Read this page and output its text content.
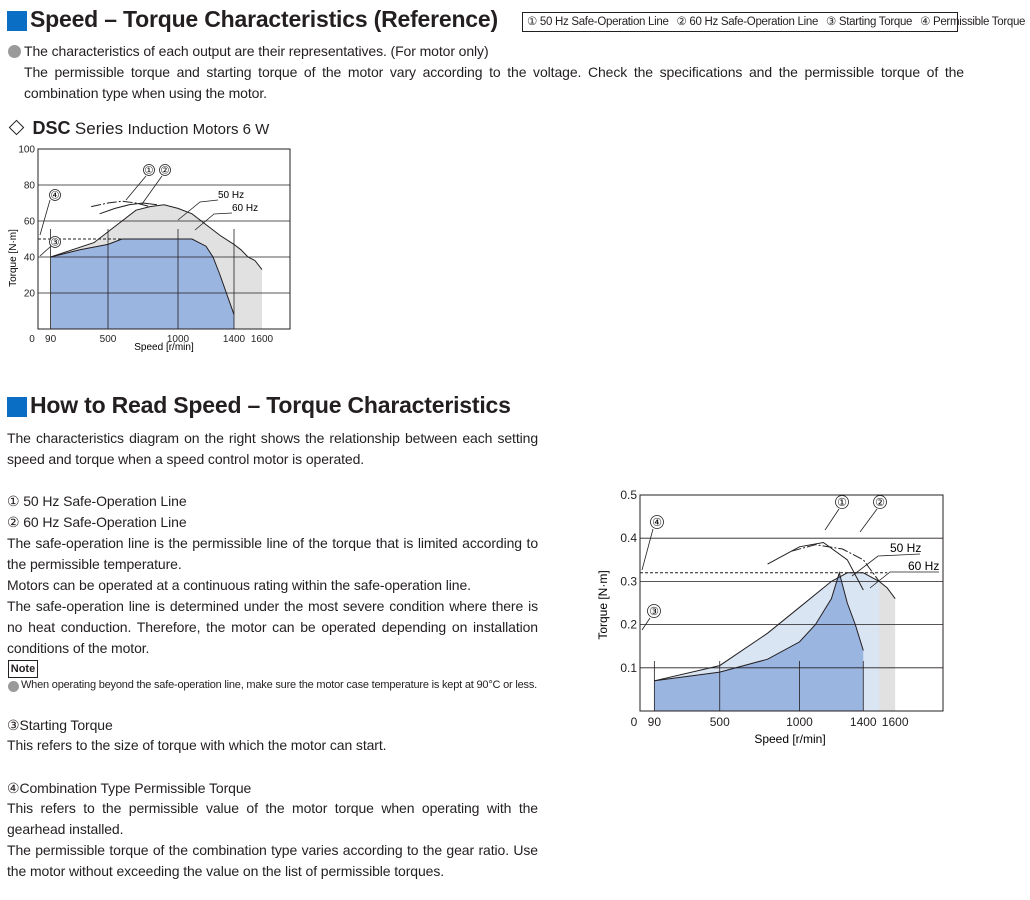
Speed – Torque Characteristics (Reference)	① 50 Hz Safe-Operation Line ② 60 Hz Safe-Operation Line ③ Starting Torque ④ Permissible Torque
The characteristics of each output are their representatives. (For motor only)
The permissible torque and starting torque of the motor vary according to the voltage. Check the specifications and the permissible torque of the combination type when using the motor.
DSC Series Induction Motors 6 W
20
40
60
80
100
0 90	500	1000	1400 1600
Torque [N·m]
Speed [r/min]
① ②
④
③
50 Hz
60 Hz
How to Read Speed – Torque Characteristics
The characteristics diagram on the right shows the relationship between each setting speed and torque when a speed control motor is operated.
① 50 Hz Safe-Operation Line
② 60 Hz Safe-Operation Line
The safe-operation line is the permissible line of the torque that is limited according to the permissible temperature.
Motors can be operated at a continuous rating within the safe-operation line.
The safe-operation line is determined under the most severe condition where there is no heat conduction. Therefore, the motor can be operated depending on installation conditions of the motor.
Note
When operating beyond the safe-operation line, make sure the motor case temperature is kept at 90°C or less.
③Starting Torque
This refers to the size of torque with which the motor can start.
④Combination Type Permissible Torque
This refers to the permissible value of the motor torque when operating with the gearhead installed.
The permissible torque of the combination type varies according to the gear ratio. Use the motor without exceeding the value on the list of permissible torques.
0.1
0.2
0.3
0.4
0.5
0 90	500	1000	1400 1600
Torque [N·m]
Speed [r/min]
①	②
④
③
50 Hz
60 Hz
